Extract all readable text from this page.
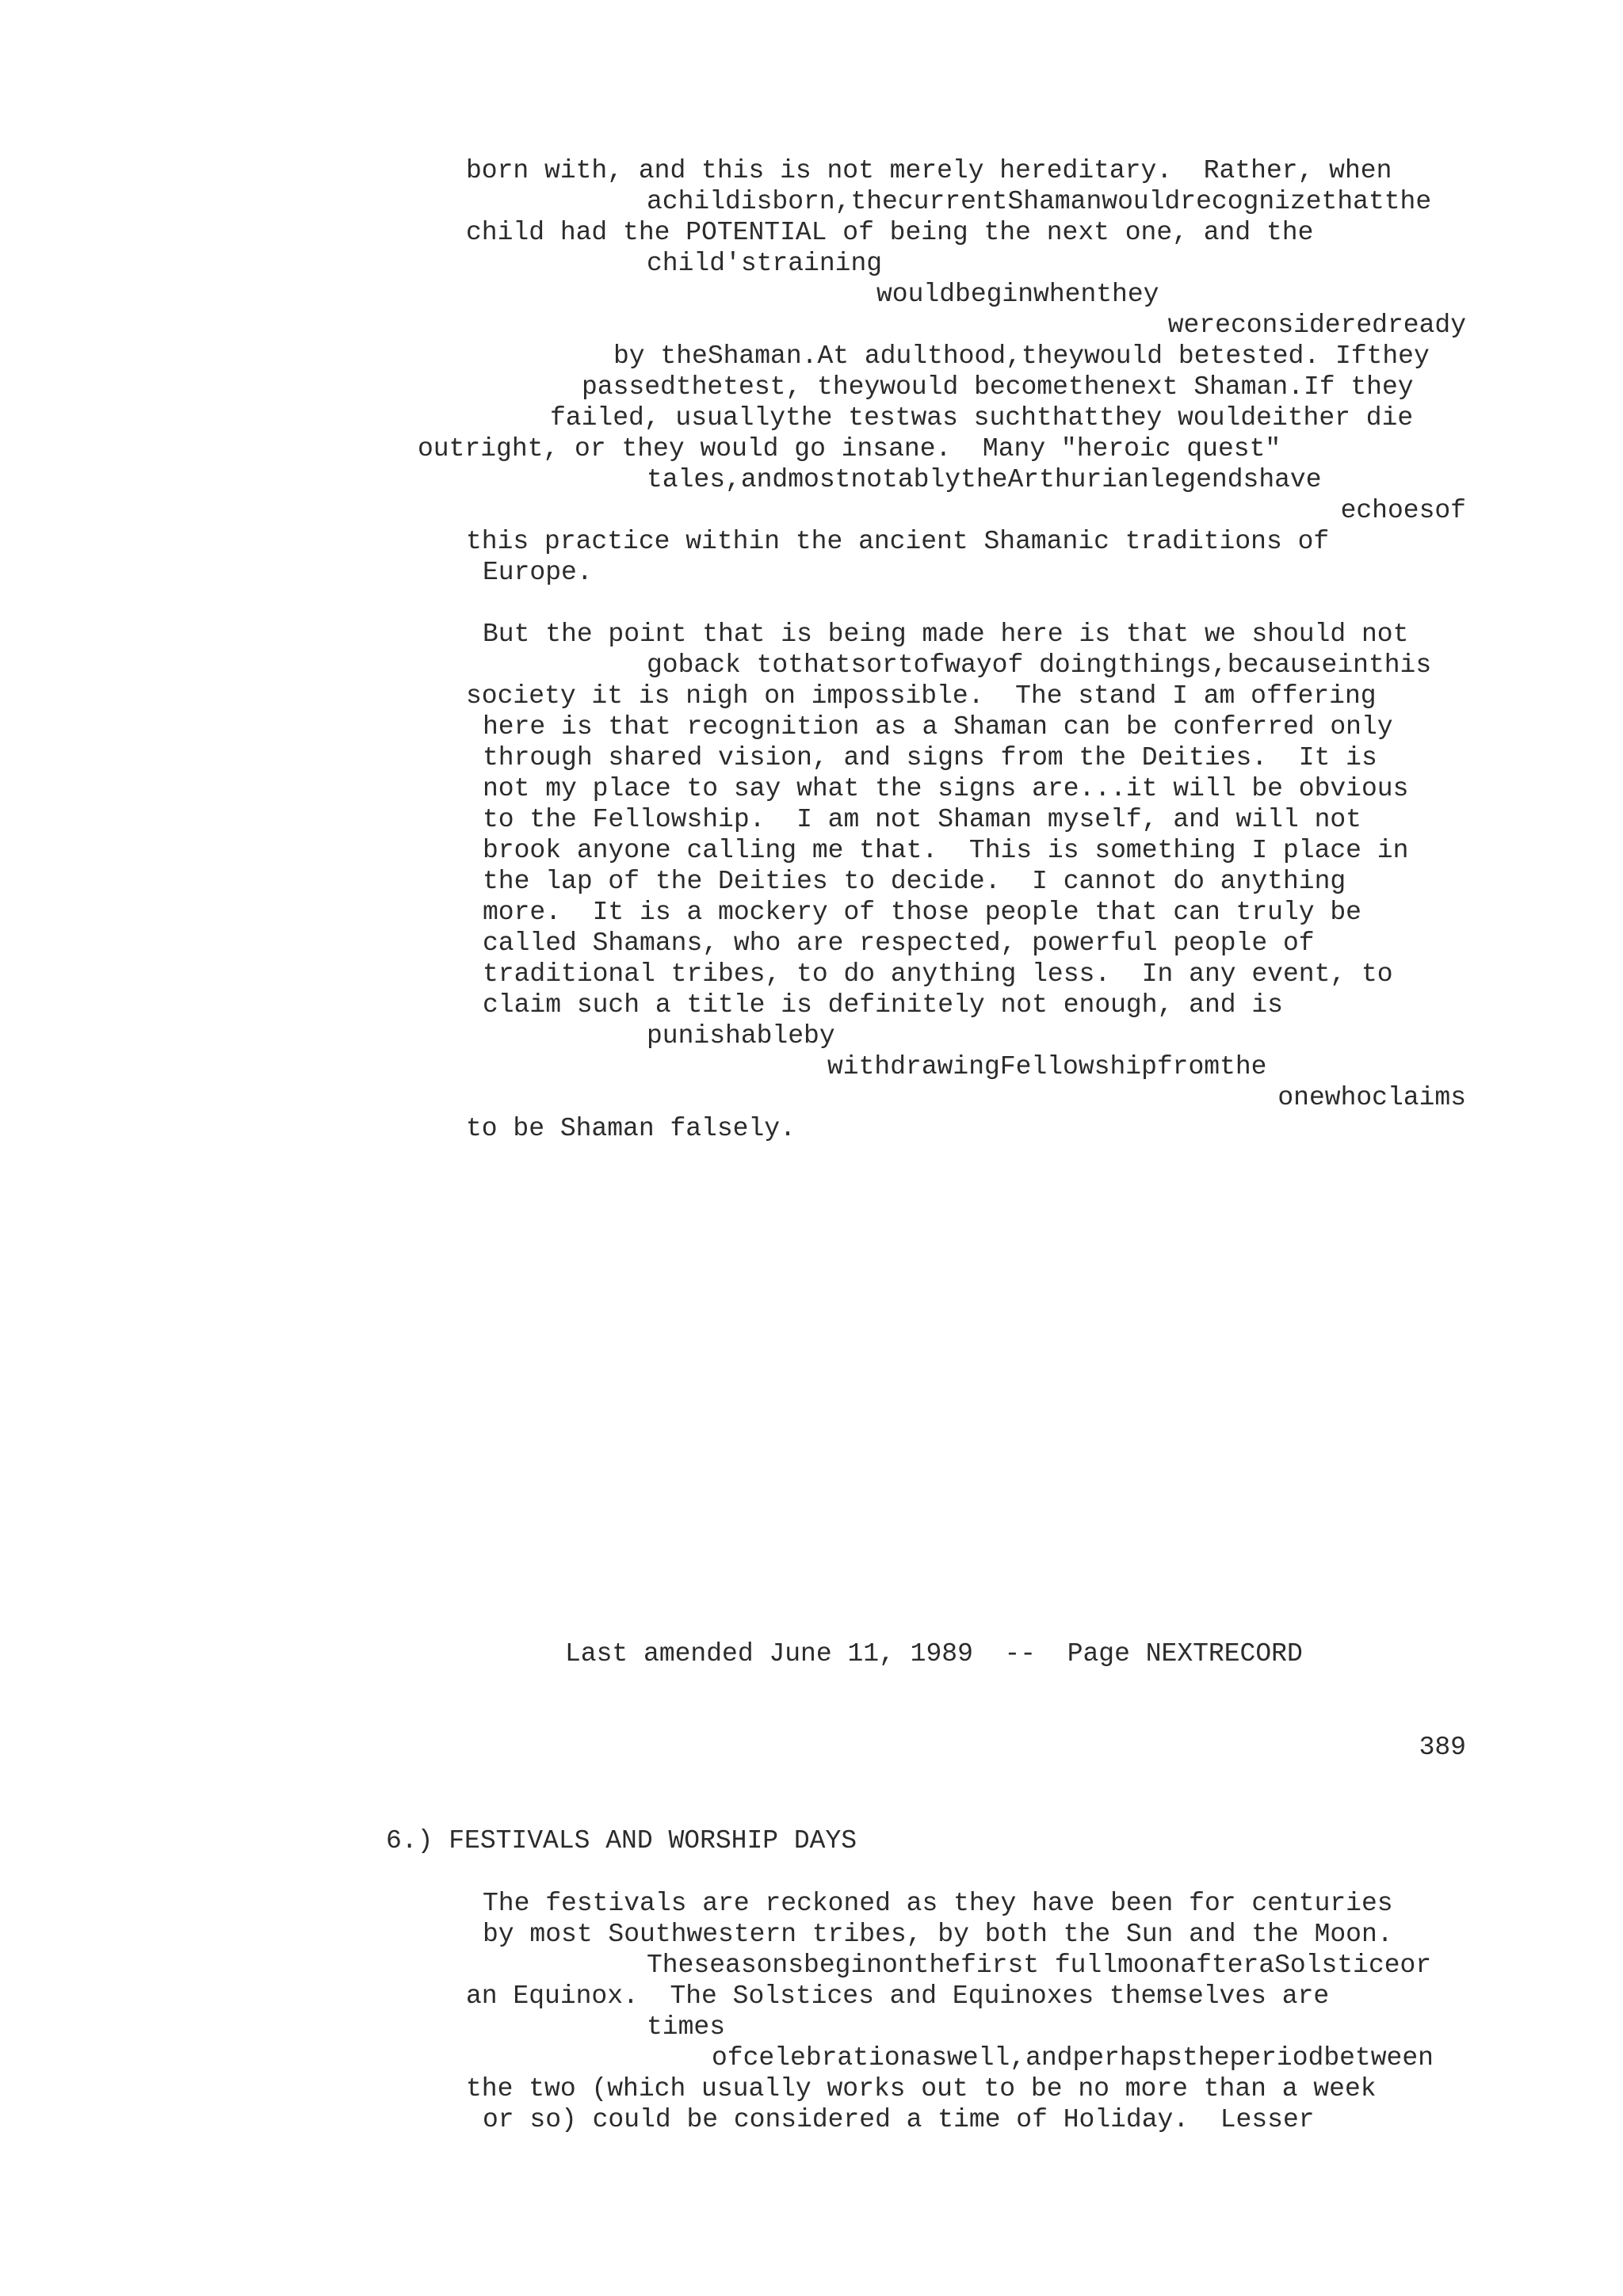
born with, and this is not merely hereditary.  Rather, when

achildisborn,thecurrentShamanwouldrecognizethatthe

child had the POTENTIAL of being the next one, and the

child'straining

wouldbeginwhenthey

wereconsideredready

by theShaman.At adulthood,theywould betested. Ifthey

passedthetest, theywould becomethenext Shaman.If they

failed, usuallythe testwas suchthatthey wouldeither die

outright, or they would go insane.  Many "heroic quest"

tales,andmostnotablytheArthurianlegendshave

echoesof

this practice within the ancient Shamanic traditions of

Europe.

But the point that is being made here is that we should not

goback tothatsortofwayof doingthings,becauseinthis

society it is nigh on impossible.  The stand I am offering

here is that recognition as a Shaman can be conferred only

through shared vision, and signs from the Deities.  It is

not my place to say what the signs are...it will be obvious

to the Fellowship.  I am not Shaman myself, and will not

brook anyone calling me that.  This is something I place in

the lap of the Deities to decide.  I cannot do anything

more.  It is a mockery of those people that can truly be

called Shamans, who are respected, powerful people of

traditional tribes, to do anything less.  In any event, to

claim such a title is definitely not enough, and is

punishableby

withdrawingFellowshipfromthe

onewhoclaims

to be Shaman falsely.

Last amended June 11, 1989  --  Page NEXTRECORD

389

6.) FESTIVALS AND WORSHIP DAYS

The festivals are reckoned as they have been for centuries

by most Southwestern tribes, by both the Sun and the Moon.

Theseasonsbeginonthefirst fullmoonafteraSolsticeor

an Equinox.  The Solstices and Equinoxes themselves are

times

ofcelebrationaswell,andperhapstheperiodbetween

the two (which usually works out to be no more than a week

or so) could be considered a time of Holiday.  Lesser
